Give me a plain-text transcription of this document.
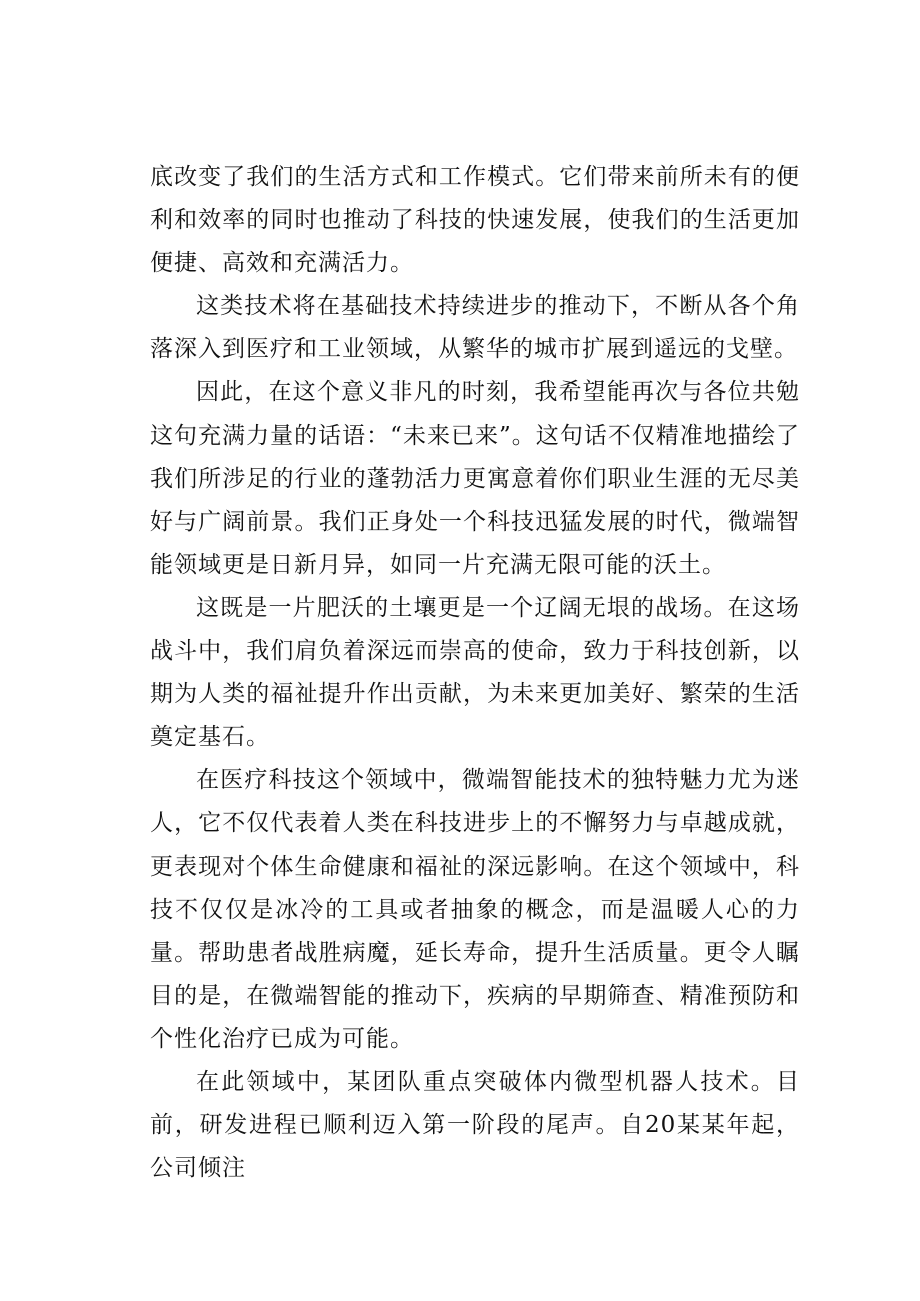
底改变了我们的生活方式和工作模式。它们带来前所未有的便利和效率的同时也推动了科技的快速发展，使我们的生活更加便捷、高效和充满活力。

这类技术将在基础技术持续进步的推动下，不断从各个角落深入到医疗和工业领域，从繁华的城市扩展到遥远的戈壁。

因此，在这个意义非凡的时刻，我希望能再次与各位共勉这句充满力量的话语：“未来已来”。这句话不仅精准地描绘了我们所涉足的行业的蓬勃活力更寓意着你们职业生涯的无尽美好与广阔前景。我们正身处一个科技迅猛发展的时代，微端智能领域更是日新月异，如同一片充满无限可能的沃土。

这既是一片肥沃的土壤更是一个辽阔无垠的战场。在这场战斗中，我们肩负着深远而崇高的使命，致力于科技创新，以期为人类的福祉提升作出贡献，为未来更加美好、繁荣的生活奠定基石。

在医疗科技这个领域中，微端智能技术的独特魅力尤为迷人，它不仅代表着人类在科技进步上的不懈努力与卓越成就，更表现对个体生命健康和福祉的深远影响。在这个领域中，科技不仅仅是冰冷的工具或者抽象的概念，而是温暖人心的力量。帮助患者战胜病魔，延长寿命，提升生活质量。更令人瞩目的是，在微端智能的推动下，疾病的早期筛查、精准预防和个性化治疗已成为可能。

在此领域中，某团队重点突破体内微型机器人技术。目前，研发进程已顺利迈入第一阶段的尾声。自20某某年起，公司倾注
